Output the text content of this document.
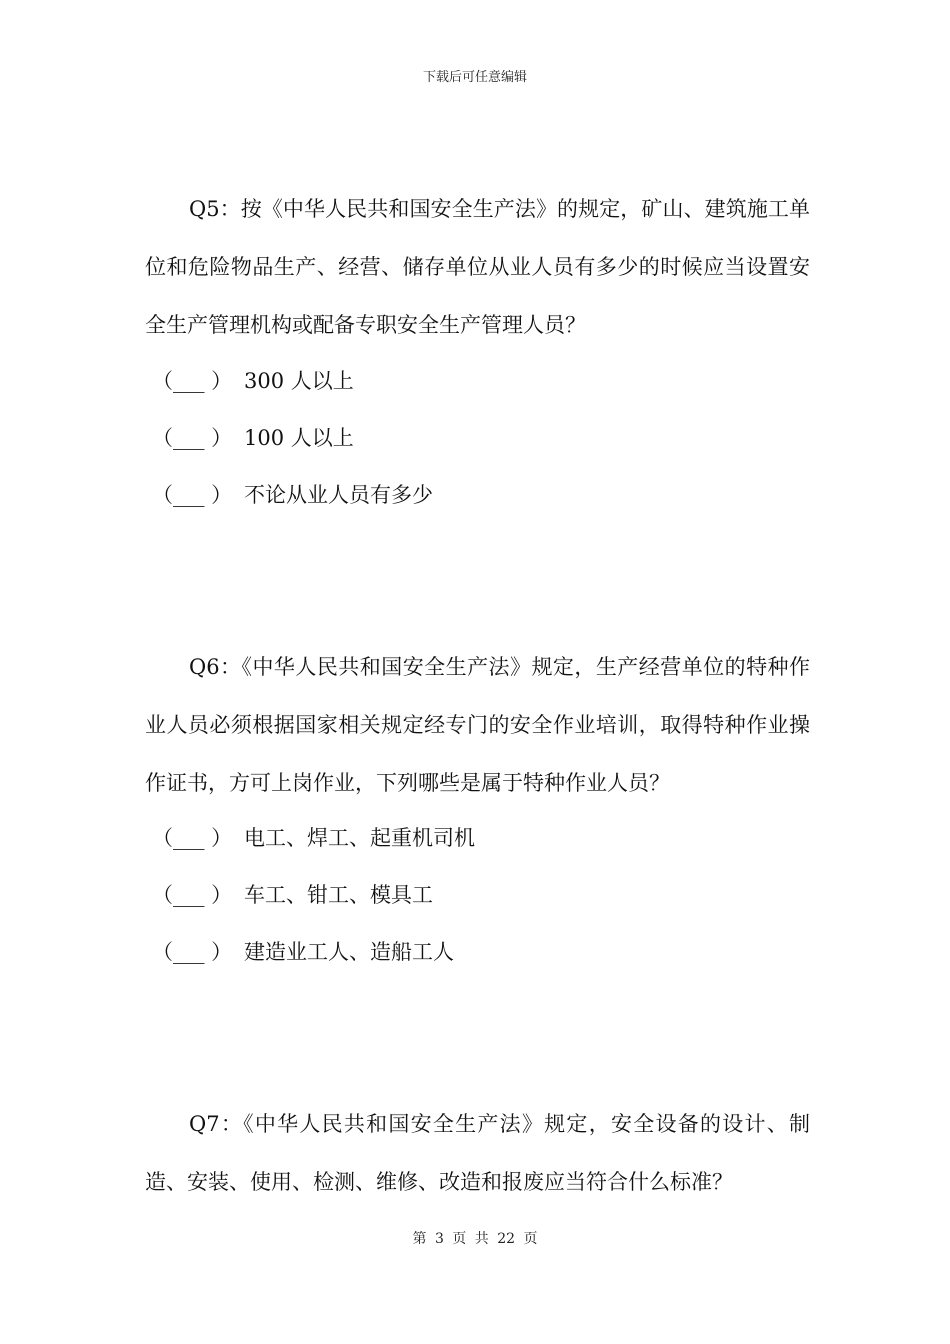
下载后可任意编辑
Q5：按《中华人民共和国安全生产法》的规定，矿山、建筑施工单位和危险物品生产、经营、储存单位从业人员有多少的时候应当设置安全生产管理机构或配备专职安全生产管理人员？
（___ ） 300 人以上
（___ ） 100 人以上
（___ ） 不论从业人员有多少
Q6：《中华人民共和国安全生产法》规定，生产经营单位的特种作业人员必须根据国家相关规定经专门的安全作业培训，取得特种作业操作证书，方可上岗作业，下列哪些是属于特种作业人员？
（___ ） 电工、焊工、起重机司机
（___ ） 车工、钳工、模具工
（___ ） 建造业工人、造船工人
Q7：《中华人民共和国安全生产法》规定，安全设备的设计、制造、安装、使用、检测、维修、改造和报废应当符合什么标准？
第 3 页 共 22 页
